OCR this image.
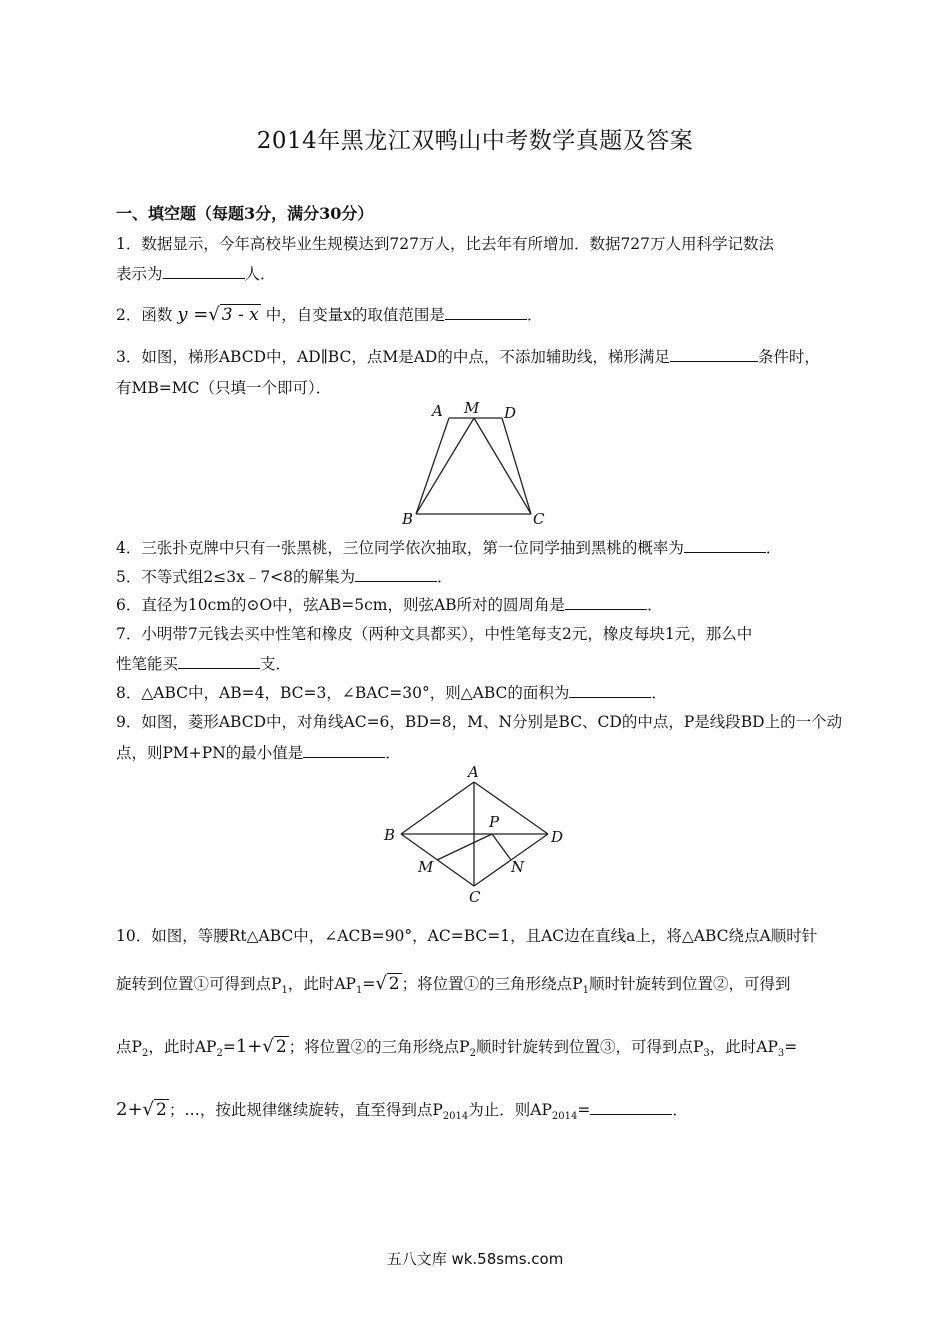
2014年黑龙江双鸭山中考数学真题及答案
一、填空题（每题3分，满分30分）
1．数据显示，今年高校毕业生规模达到727万人，比去年有所增加．数据727万人用科学记数法
表示为	人．
2．函数 y =√ 3 - x 中，自变量x的取值范围是	．
3．如图，梯形ABCD中，AD∥BC，点M是AD的中点，不添加辅助线，梯形满足	条件时，
有MB=MC（只填一个即可）．
A M D
B	C
4．三张扑克牌中只有一张黑桃，三位同学依次抽取，第一位同学抽到黑桃的概率为	．
5．不等式组2≤3x﹣7<8的解集为	．
6．直径为10cm的⊙O中，弦AB=5cm，则弦AB所对的圆周角是	．
7．小明带7元钱去买中性笔和橡皮（两种文具都买），中性笔每支2元，橡皮每块1元，那么中
性笔能买	支．
8．△ABC中，AB=4，BC=3，∠BAC=30°，则△ABC的面积为	．
9．如图，菱形ABCD中，对角线AC=6，BD=8，M、N分别是BC、CD的中点，P是线段BD上的一个动
点，则PM+PN的最小值是	．
A
B	D
C
P
M	N
10．如图，等腰Rt△ABC中，∠ACB=90°，AC=BC=1，且AC边在直线a上，将△ABC绕点A顺时针
旋转到位置①可得到点$P_1$，此时$AP_1=√$ 2 ；将位置①的三角形绕点$P_1$顺时针旋转到位置②，可得到
点$P_2$，此时$AP_2=1+√$ 2 ；将位置②的三角形绕点$P_2$顺时针旋转到位置③，可得到点$P_3$，此时$AP_3=$
2+√ 2 ；…，按此规律继续旋转，直至得到点$P_{2014}$为止．则$AP_{2014}=$	．
五八文库 wk.58sms.com
